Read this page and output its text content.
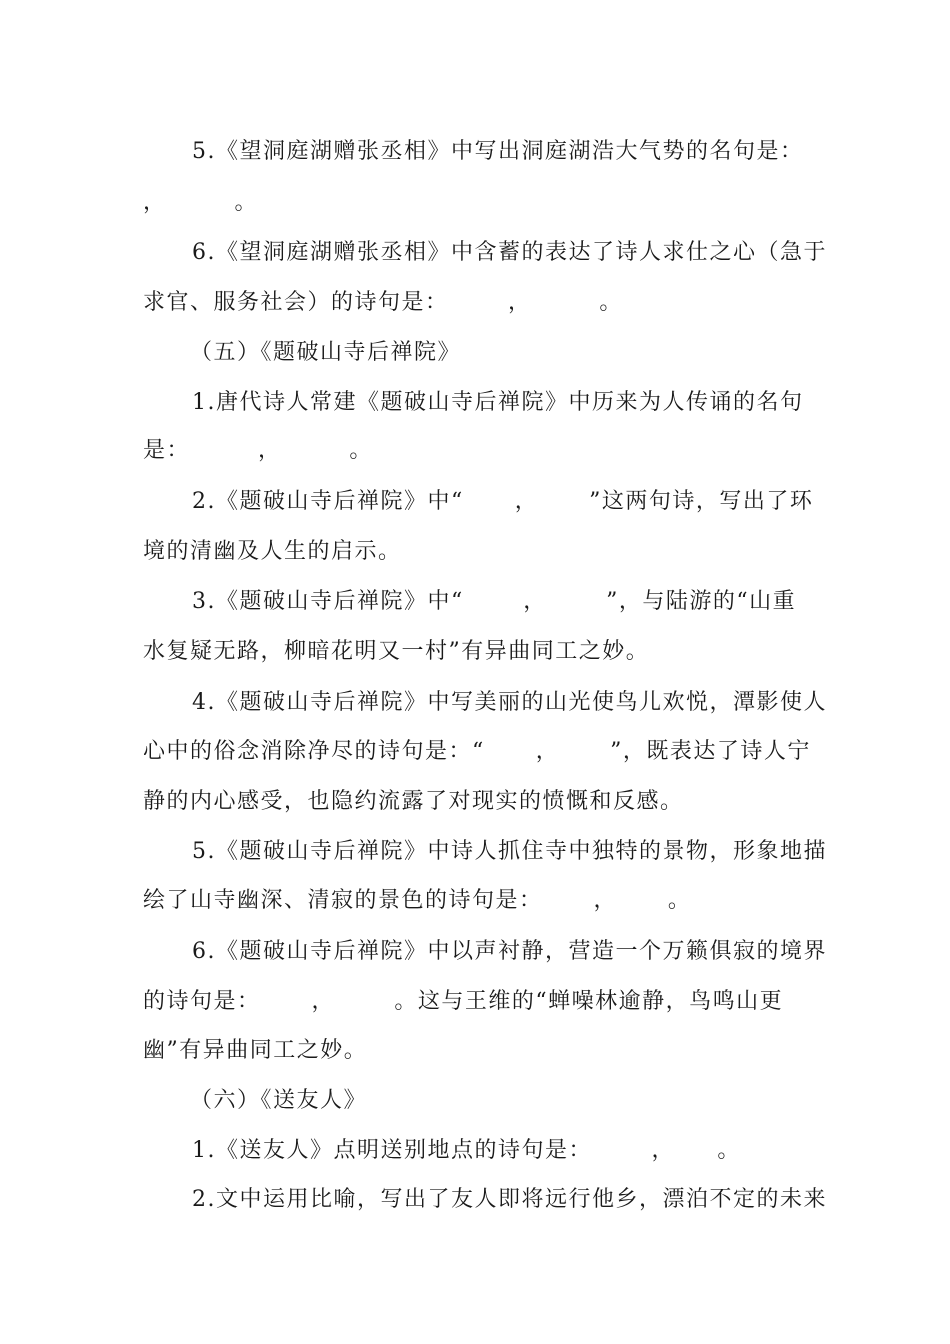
5.《望洞庭湖赠张丞相》中写出洞庭湖浩大气势的名句是：
，        。
6.《望洞庭湖赠张丞相》中含蓄的表达了诗人求仕之心（急于
求官、服务社会）的诗句是：       ，        。
（五）《题破山寺后禅院》
1.唐代诗人常建《题破山寺后禅院》中历来为人传诵的名句
是：        ，        。
2.《题破山寺后禅院》中“      ，      ”这两句诗，写出了环
境的清幽及人生的启示。
3.《题破山寺后禅院》中“       ，       ”，与陆游的“山重
水复疑无路，柳暗花明又一村”有异曲同工之妙。
4.《题破山寺后禅院》中写美丽的山光使鸟儿欢悦，潭影使人
心中的俗念消除净尽的诗句是：“      ，      ”，既表达了诗人宁
静的内心感受，也隐约流露了对现实的愤慨和反感。
5.《题破山寺后禅院》中诗人抓住寺中独特的景物，形象地描
绘了山寺幽深、清寂的景色的诗句是：      ，      。
6.《题破山寺后禅院》中以声衬静，营造一个万籁俱寂的境界
的诗句是：      ，       。这与王维的“蝉噪林逾静，鸟鸣山更
幽”有异曲同工之妙。
（六）《送友人》
1.《送友人》点明送别地点的诗句是：       ，     。
2.文中运用比喻，写出了友人即将远行他乡，漂泊不定的未来
